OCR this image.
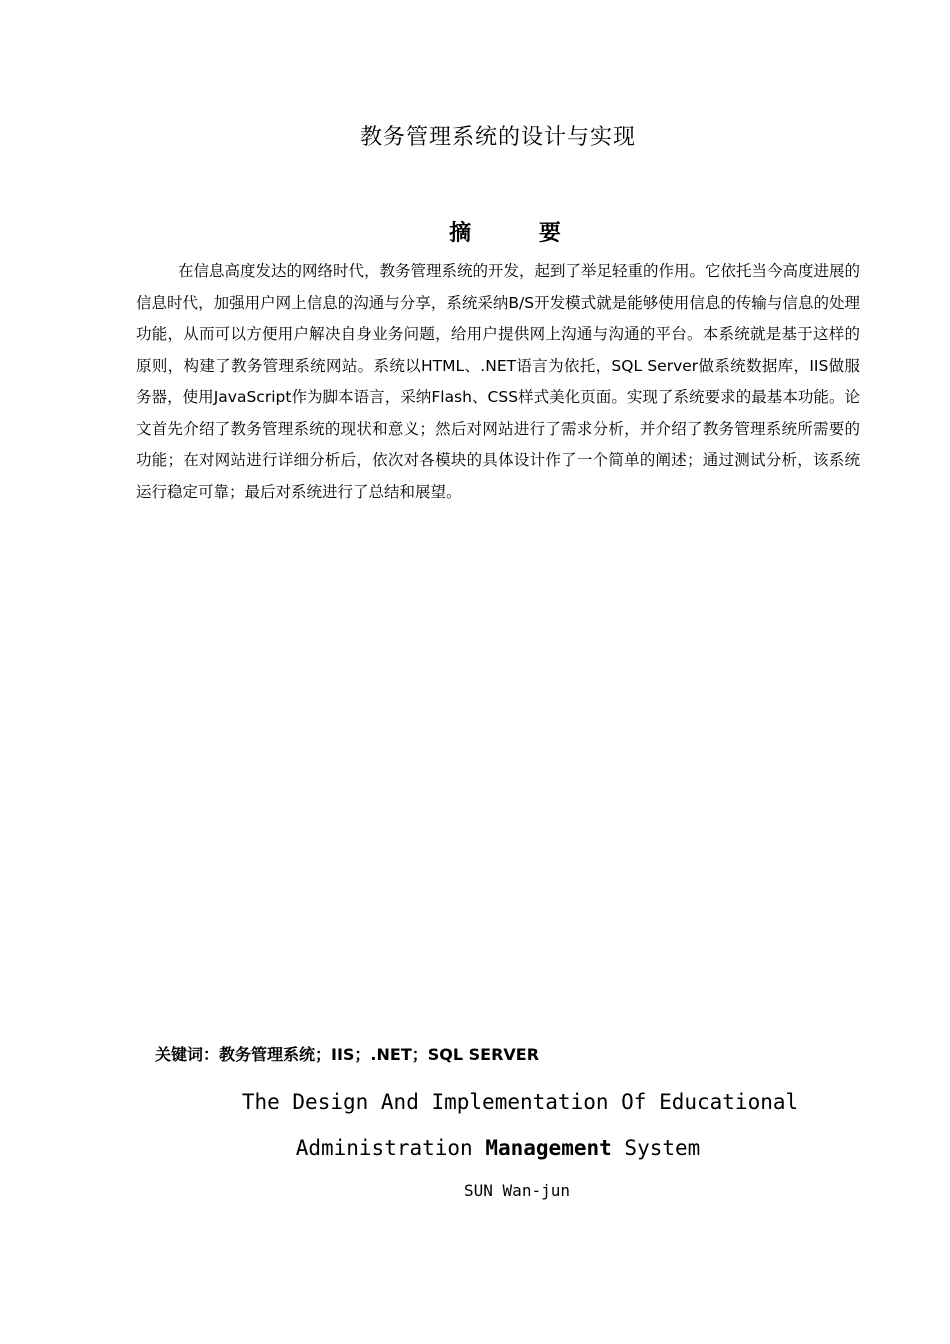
教务管理系统的设计与实现
摘 要
在信息高度发达的网络时代，教务管理系统的开发，起到了举足轻重的作用。它依托当今高度进展的信息时代，加强用户网上信息的沟通与分享，系统采纳B/S开发模式就是能够使用信息的传输与信息的处理功能，从而可以方便用户解决自身业务问题，给用户提供网上沟通与沟通的平台。本系统就是基于这样的原则，构建了教务管理系统网站。系统以HTML、.NET语言为依托，SQL Server做系统数据库，IIS做服务器，使用JavaScript作为脚本语言，采纳Flash、CSS样式美化页面。实现了系统要求的最基本功能。论文首先介绍了教务管理系统的现状和意义；然后对网站进行了需求分析，并介绍了教务管理系统所需要的功能；在对网站进行详细分析后，依次对各模块的具体设计作了一个简单的阐述；通过测试分析，该系统运行稳定可靠；最后对系统进行了总结和展望。
关键词：教务管理系统；IIS；.NET；SQL SERVER
The Design And Implementation Of Educational
Administration Management System
SUN Wan-jun
